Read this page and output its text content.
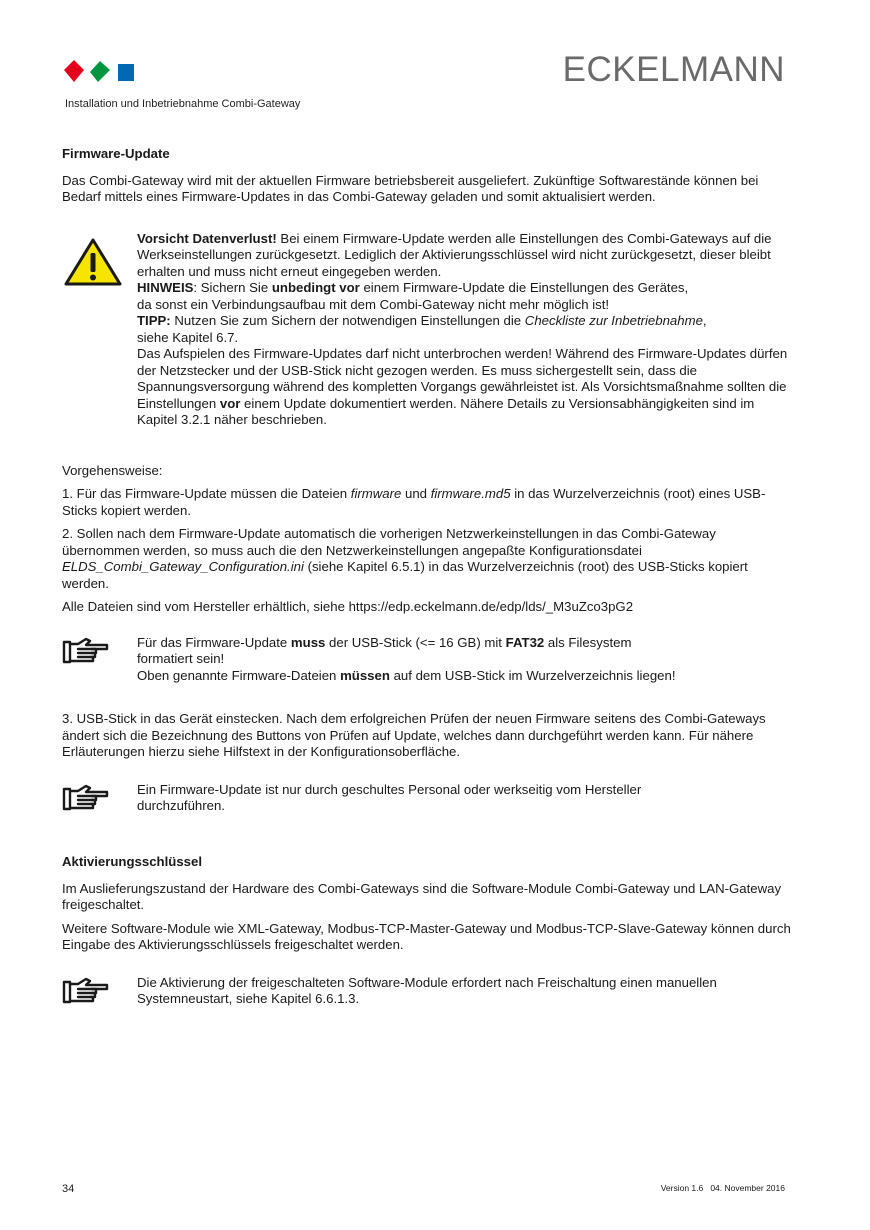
ECKELMANN
Installation und Inbetriebnahme Combi-Gateway
Firmware-Update

Das Combi-Gateway wird mit der aktuellen Firmware betriebsbereit ausgeliefert. Zukünftige Softwarestände können bei Bedarf mittels eines Firmware-Updates in das Combi-Gateway geladen und somit aktualisiert werden.

Vorsicht Datenverlust! Bei einem Firmware-Update werden alle Einstellungen des Combi-Gateways auf die Werkseinstellungen zurückgesetzt. Lediglich der Aktivierungsschlüssel wird nicht zurückgesetzt, dieser bleibt erhalten und muss nicht erneut eingegeben werden.
HINWEIS: Sichern Sie unbedingt vor einem Firmware-Update die Einstellungen des Gerätes,
da sonst ein Verbindungsaufbau mit dem Combi-Gateway nicht mehr möglich ist!
TIPP: Nutzen Sie zum Sichern der notwendigen Einstellungen die Checkliste zur Inbetriebnahme,
siehe Kapitel 6.7.
Das Aufspielen des Firmware-Updates darf nicht unterbrochen werden! Während des Firmware-Updates dürfen der Netzstecker und der USB-Stick nicht gezogen werden. Es muss sichergestellt sein, dass die Spannungsversorgung während des kompletten Vorgangs gewährleistet ist. Als Vorsichtsmaßnahme sollten die Einstellungen vor einem Update dokumentiert werden. Nähere Details zu Versionsabhängigkeiten sind im Kapitel 3.2.1 näher beschrieben.

Vorgehensweise:

1. Für das Firmware-Update müssen die Dateien firmware und firmware.md5 in das Wurzelverzeichnis (root) eines USB-Sticks kopiert werden.

2. Sollen nach dem Firmware-Update automatisch die vorherigen Netzwerkeinstellungen in das Combi-Gateway übernommen werden, so muss auch die den Netzwerkeinstellungen angepaßte Konfigurationsdatei ELDS_Combi_Gateway_Configuration.ini (siehe Kapitel 6.5.1) in das Wurzelverzeichnis (root) des USB-Sticks kopiert werden.

Alle Dateien sind vom Hersteller erhältlich, siehe https://edp.eckelmann.de/edp/lds/_M3uZco3pG2

Für das Firmware-Update muss der USB-Stick (<= 16 GB) mit FAT32 als Filesystem
formatiert sein!
Oben genannte Firmware-Dateien müssen auf dem USB-Stick im Wurzelverzeichnis liegen!

3. USB-Stick in das Gerät einstecken. Nach dem erfolgreichen Prüfen der neuen Firmware seitens des Combi-Gateways ändert sich die Bezeichnung des Buttons von Prüfen auf Update, welches dann durchgeführt werden kann. Für nähere Erläuterungen hierzu siehe Hilfstext in der Konfigurationsoberfläche.

Ein Firmware-Update ist nur durch geschultes Personal oder werkseitig vom Hersteller
durchzuführen.
Aktivierungsschlüssel

Im Auslieferungszustand der Hardware des Combi-Gateways sind die Software-Module Combi-Gateway und LAN-Gateway freigeschaltet.

Weitere Software-Module wie XML-Gateway, Modbus-TCP-Master-Gateway und Modbus-TCP-Slave-Gateway können durch Eingabe des Aktivierungsschlüssels freigeschaltet werden.

Die Aktivierung der freigeschalteten Software-Module erfordert nach Freischaltung einen manuellen Systemneustart, siehe Kapitel 6.6.1.3.
34	Version 1.6   04. November 2016
